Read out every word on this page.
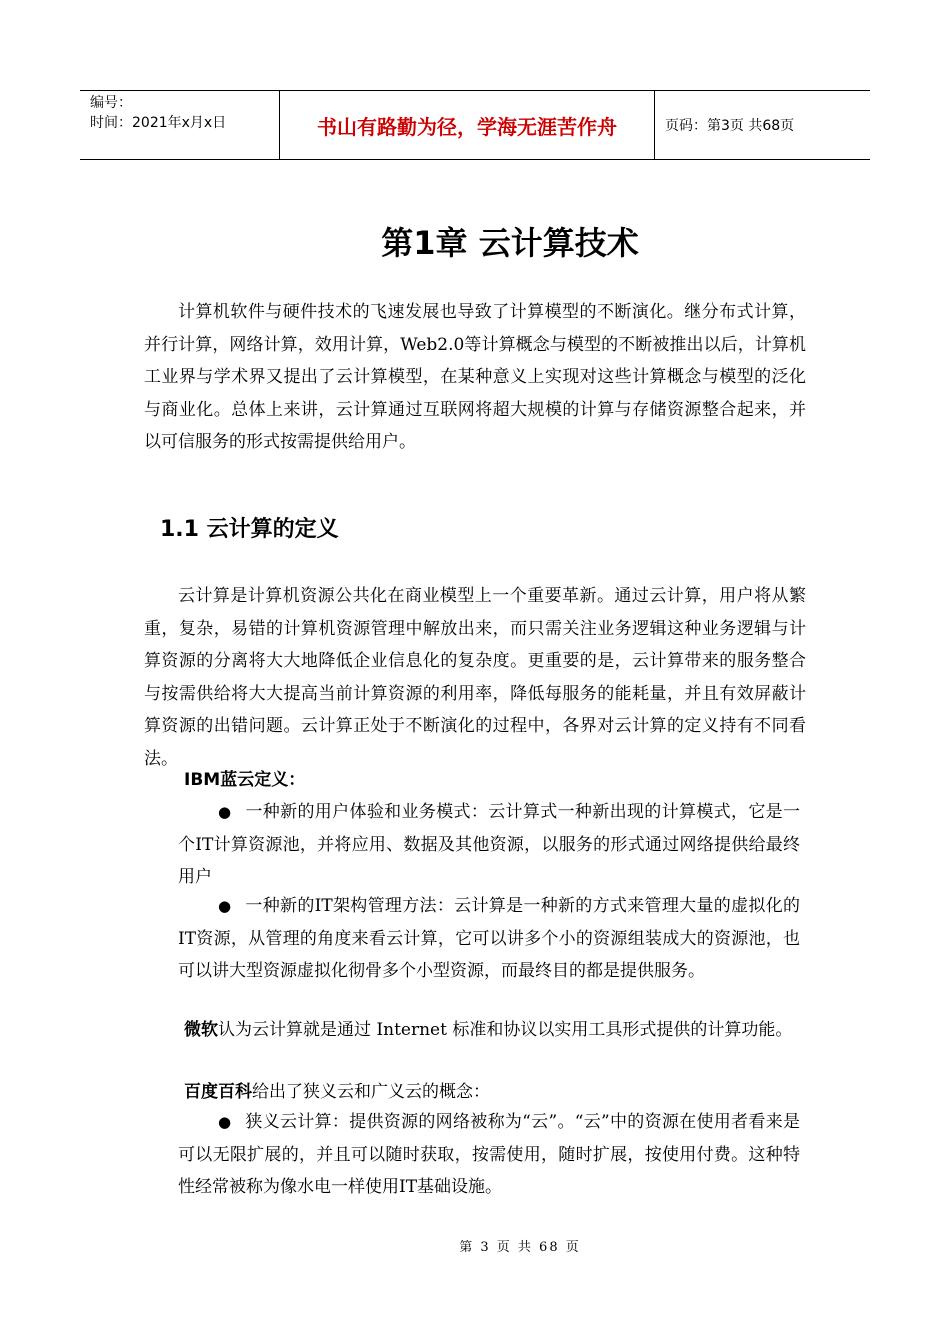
编号：
时间：2021年x月x日	书山有路勤为径，学海无涯苦作舟	页码：第3页 共68页
第1章 云计算技术
计算机软件与硬件技术的飞速发展也导致了计算模型的不断演化。继分布式计算，并行计算，网络计算，效用计算，Web2.0等计算概念与模型的不断被推出以后，计算机工业界与学术界又提出了云计算模型，在某种意义上实现对这些计算概念与模型的泛化与商业化。总体上来讲，云计算通过互联网将超大规模的计算与存储资源整合起来，并以可信服务的形式按需提供给用户。
1.1 云计算的定义
云计算是计算机资源公共化在商业模型上一个重要革新。通过云计算，用户将从繁重，复杂，易错的计算机资源管理中解放出来，而只需关注业务逻辑这种业务逻辑与计算资源的分离将大大地降低企业信息化的复杂度。更重要的是，云计算带来的服务整合与按需供给将大大提高当前计算资源的利用率，降低每服务的能耗量，并且有效屏蔽计算资源的出错问题。云计算正处于不断演化的过程中，各界对云计算的定义持有不同看法。
IBM蓝云定义：
● 一种新的用户体验和业务模式：云计算式一种新出现的计算模式，它是一个IT计算资源池，并将应用、数据及其他资源，以服务的形式通过网络提供给最终用户
● 一种新的IT架构管理方法：云计算是一种新的方式来管理大量的虚拟化的IT资源，从管理的角度来看云计算，它可以讲多个小的资源组装成大的资源池，也可以讲大型资源虚拟化彻骨多个小型资源，而最终目的都是提供服务。
微软认为云计算就是通过 Internet 标准和协议以实用工具形式提供的计算功能。
百度百科给出了狭义云和广义云的概念：
● 狭义云计算：提供资源的网络被称为“云”。“云”中的资源在使用者看来是可以无限扩展的，并且可以随时获取，按需使用，随时扩展，按使用付费。这种特性经常被称为像水电一样使用IT基础设施。
第 3 页 共 68 页
